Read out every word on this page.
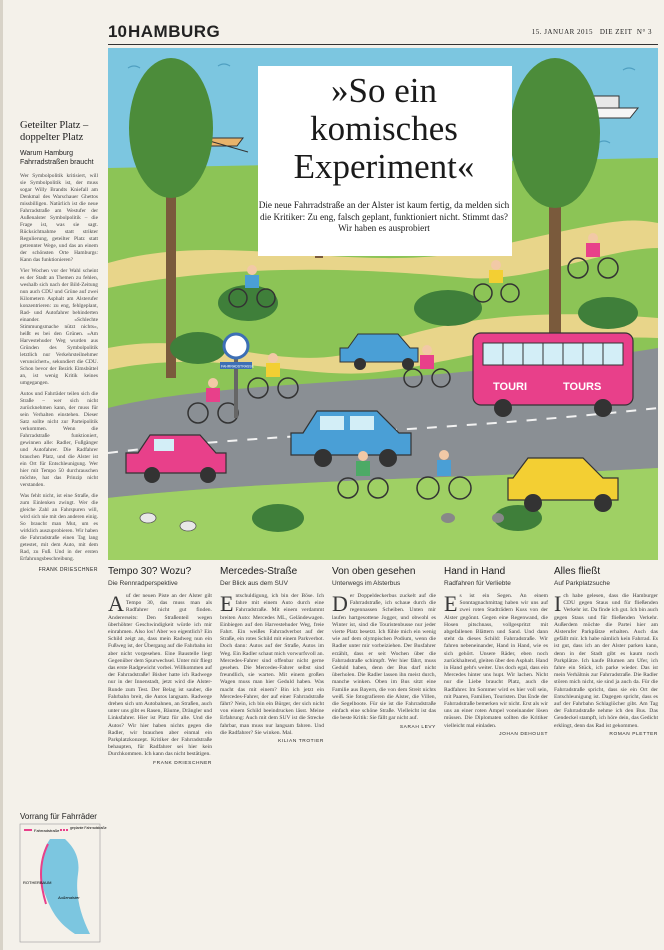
10 HAMBURG	15. JANUAR 2015 DIE ZEIT N° 3
TOURI	TOURS
FAHRRADSTRASSE
»So ein komisches Experiment«
Die neue Fahrradstraße an der Alster ist kaum fertig, da melden sich die Kritiker: Zu eng, falsch geplant, funktioniert nicht. Stimmt das? Wir haben es ausprobiert
Geteilter Platz – doppelter Platz
Warum Hamburg Fahrradstraßen braucht

Wer Symbolpolitik kritisiert, will sie Symbolpolitik ist, der muss sogar Willy Brandts Kniefall am Denkmal des Warschauer Ghettos missbilligen. Natürlich ist die neue Fahrradstraße am Westufer der Außenalster Symbolpolitik – die Frage ist, was sie sagt. Rücksichtnahme statt strikter Regulierung, geteilter Platz statt getrennter Wege, und das an einem der schönsten Orte Hamburgs: Kann das funktionieren?

Vier Wochen vor der Wahl scheint es der Stadt an Themen zu fehlen, weshalb sich nach der Bild-Zeitung nun auch CDU und Grüne auf zwei Kilometern Asphalt am Alsterufer konzentrieren: zu eng, fehlgeplant, Rad- und Autofahrer behinderten einander. »Schlechte Stimmungsmache nützt nichts«, heißt es bei den Grünen. »Am Harvestehuder Weg wurden aus Gründen des Symbolpolitik letztlich nur Verkehrsteilnehmer verunsichert«, sekundiert die CDU. Schon bevor der Bezirk Eimsbüttel an, ist wenig Kritik keines umgegangen.

Autos und Fahrräder teilen sich die Straße – wer sich nicht zurücknehmen kann, der muss für sein Verhalten einstehen. Dieser Satz sollte nicht zur Parteipolitik verkommen. Wenn die Fahrradstraße funktioniert, gewinnen alle: Radler, Fußgänger und Autofahrer. Die Radfahrer brauchen Platz, und die Alster ist ein Ort für Entschleunigung. Wer hier mit Tempo 50 durchrauschen möchte, hat das Prinzip nicht verstanden.

Was fehlt nicht, ist eine Straße, die zum Einlenken zwingt. Wer die gleiche Zahl an Fahrspuren will, wird sich nie mit den anderen einig. So braucht man Mut, um es wirklich auszuprobieren. Wir haben die Fahrradstraße einen Tag lang getestet, mit dem Auto, mit dem Rad, zu Fuß. Und in der ersten Erfahrungsbeschreibung.

FRANK DRIESCHNER
Vorrang für Fahrräder
Fahrradstraße	geplante Fahrradstraße
ROTHERBAUM
Außenalster
Tempo 30? Wozu?
Die Rennradperspektive
Auf der neuen Piste an der Alster gilt Tempo 30, das muss man als Radfahrer nicht gut finden. Andererseits: Den Straßenteil wegen überhöhter Geschwindigkeit würde ich mir einrahmen. Also los! Aber wo eigentlich? Ein Schild zeigt an, dass mein Radweg nun ein Fußweg ist, der Übergang auf die Fahrbahn ist aber nicht vorgesehen. Eine Baustelle liegt Gegenüber dem Spurwechsel. Unter mir fliegt das erste Radgewicht vorbei. Willkommen auf der Fahrradstraße! Bisher hatte ich Radwege nur in der Innenstadt, jetzt wird die Alster-Runde zum Test. Der Belag ist sauber, die Fahrbahn breit, die Autos langsam. Radwege drehen sich um Autobahnen, an Straßen, auch unter uns gibt es Rasen, Bäume, Drängler und Linksfahrer. Hier ist Platz für alle. Und die Autos? Wir hier haben nichts gegen die Radler, wir brauchen aber einmal ein Parkplatzkonzept. Kritiker der Fahrradstraße behaupten, für Radfahrer sei hier kein Durchkommen. Ich kann das nicht bestätigen.
FRANK DRIESCHNER
Mercedes-Straße
Der Blick aus dem SUV
Entschuldigung, ich bin der Böse. Ich fahre mit einem Auto durch eine Fahrradstraße. Mit einem verdammt breiten Auto: Mercedes ML, Geländewagen. Einbiegen auf den Harvestehuder Weg, freie Fahrt. Ein weißes Fahrradverbot auf der Straße, ein rotes Schild mit einem Parkverbot. Doch dann: Autos auf der Straße, Autos im Weg. Ein Radler schaut mich vorwurfsvoll an. Mercedes-Fahrer sind offenbar nicht gerne gesehen. Die Mercedes-Fahrer selbst sind freundlich, sie warten. Mit einem großen Wagen muss man hier Geduld haben. Was macht das mit einem? Bin ich jetzt ein Mercedes-Fahrer, der auf einer Fahrradstraße fährt? Nein, ich bin ein Bürger, der sich nicht von einem Schild beeindrucken lässt. Meine Erfahrung: Auch mit dem SUV ist die Strecke fahrbar, man muss nur langsam fahren. Und die Radfahrer? Sie winken. Mal.
KILIAN TROTIER
Von oben gesehen
Unterwegs im Alsterbus
Der Doppeldeckerbus zuckelt auf die Fahrradstraße, ich schaue durch die regennassen Scheiben. Unten mir laufen hartgesottene Jogger, und obwohl es Winter ist, sind die Touristenbusse nur jeder vierte Platz besetzt. Ich fühle mich ein wenig wie auf dem olympischen Podium, wenn die Radler unter mir vorbeiziehen. Der Busfahrer erzählt, dass er seit Wochen über die Fahrradstraße schimpft. Wer hier fährt, muss Geduld haben, denn der Bus darf nicht überholen. Die Radler lassen ihn meist durch, manche winken. Oben im Bus sitzt eine Familie aus Bayern, die von dem Streit nichts weiß. Sie fotografieren die Alster, die Villen, die Segelboote. Für sie ist die Fahrradstraße einfach eine schöne Straße. Vielleicht ist das die beste Kritik: Sie fällt gar nicht auf.
SARAH LEVY
Hand in Hand
Radfahren für Verliebte
Es ist ein Segen. An einem Sonntagnachmittag haben wir uns auf zwei roten Stadträdern Kuss von der Alster gegönnt. Gegen eine Regenwand, die Hosen pitschnass, vollgespritzt mit abgefallenen Blättern und Sand. Und dann steht da dieses Schild: Fahrradstraße. Wir fahren nebeneinander, Hand in Hand, wie es sich gehört. Unsere Räder, eben noch zurückhaltend, gleiten über den Asphalt. Hand in Hand geht's weiter. Uns doch egal, dass ein Mercedes hinter uns hupt. Wir lachen. Nicht nur die Liebe braucht Platz, auch die Radfahrer. Im Sommer wird es hier voll sein, mit Paaren, Familien, Touristen. Das Ende der Fahrradstraße bemerken wir nicht. Erst als wir uns an einer roten Ampel voneinander lösen müssen. Die Diplomaten sollten die Kritiker vielleicht mal einladen.
JOHAN DEHOUST
Alles fließt
Auf Parkplatzsuche
Ich habe gelesen, dass die Hamburger CDU gegen Staus und für fließenden Verkehr ist. Da finde ich gut. Ich bin auch gegen Staus und für fließenden Verkehr. Außerdem möchte die Partei hier am Alsterufer Parkplätze erhalten. Auch das gefällt mir. Ich habe nämlich kein Fahrrad. Es ist gut, dass ich an der Alster parken kann, denn in der Stadt gibt es kaum noch Parkplätze. Ich kaufe Blumen am Ufer, ich fahre ein Stück, ich parke wieder. Das ist mein Verhältnis zur Fahrradstraße. Die Radler stören mich nicht, sie sind ja auch da. Für die Fahrradstraße spricht, dass sie ein Ort der Entschleunigung ist. Dagegen spricht, dass es auf der Fahrbahn Schlaglöcher gibt. Am Tag der Fahrradstraße nehme ich den Bus. Das Gendeckel stampft, ich höre dein, das Gedicht erklingt, denn das Rad ist gekommen.
ROMAN PLETTER
